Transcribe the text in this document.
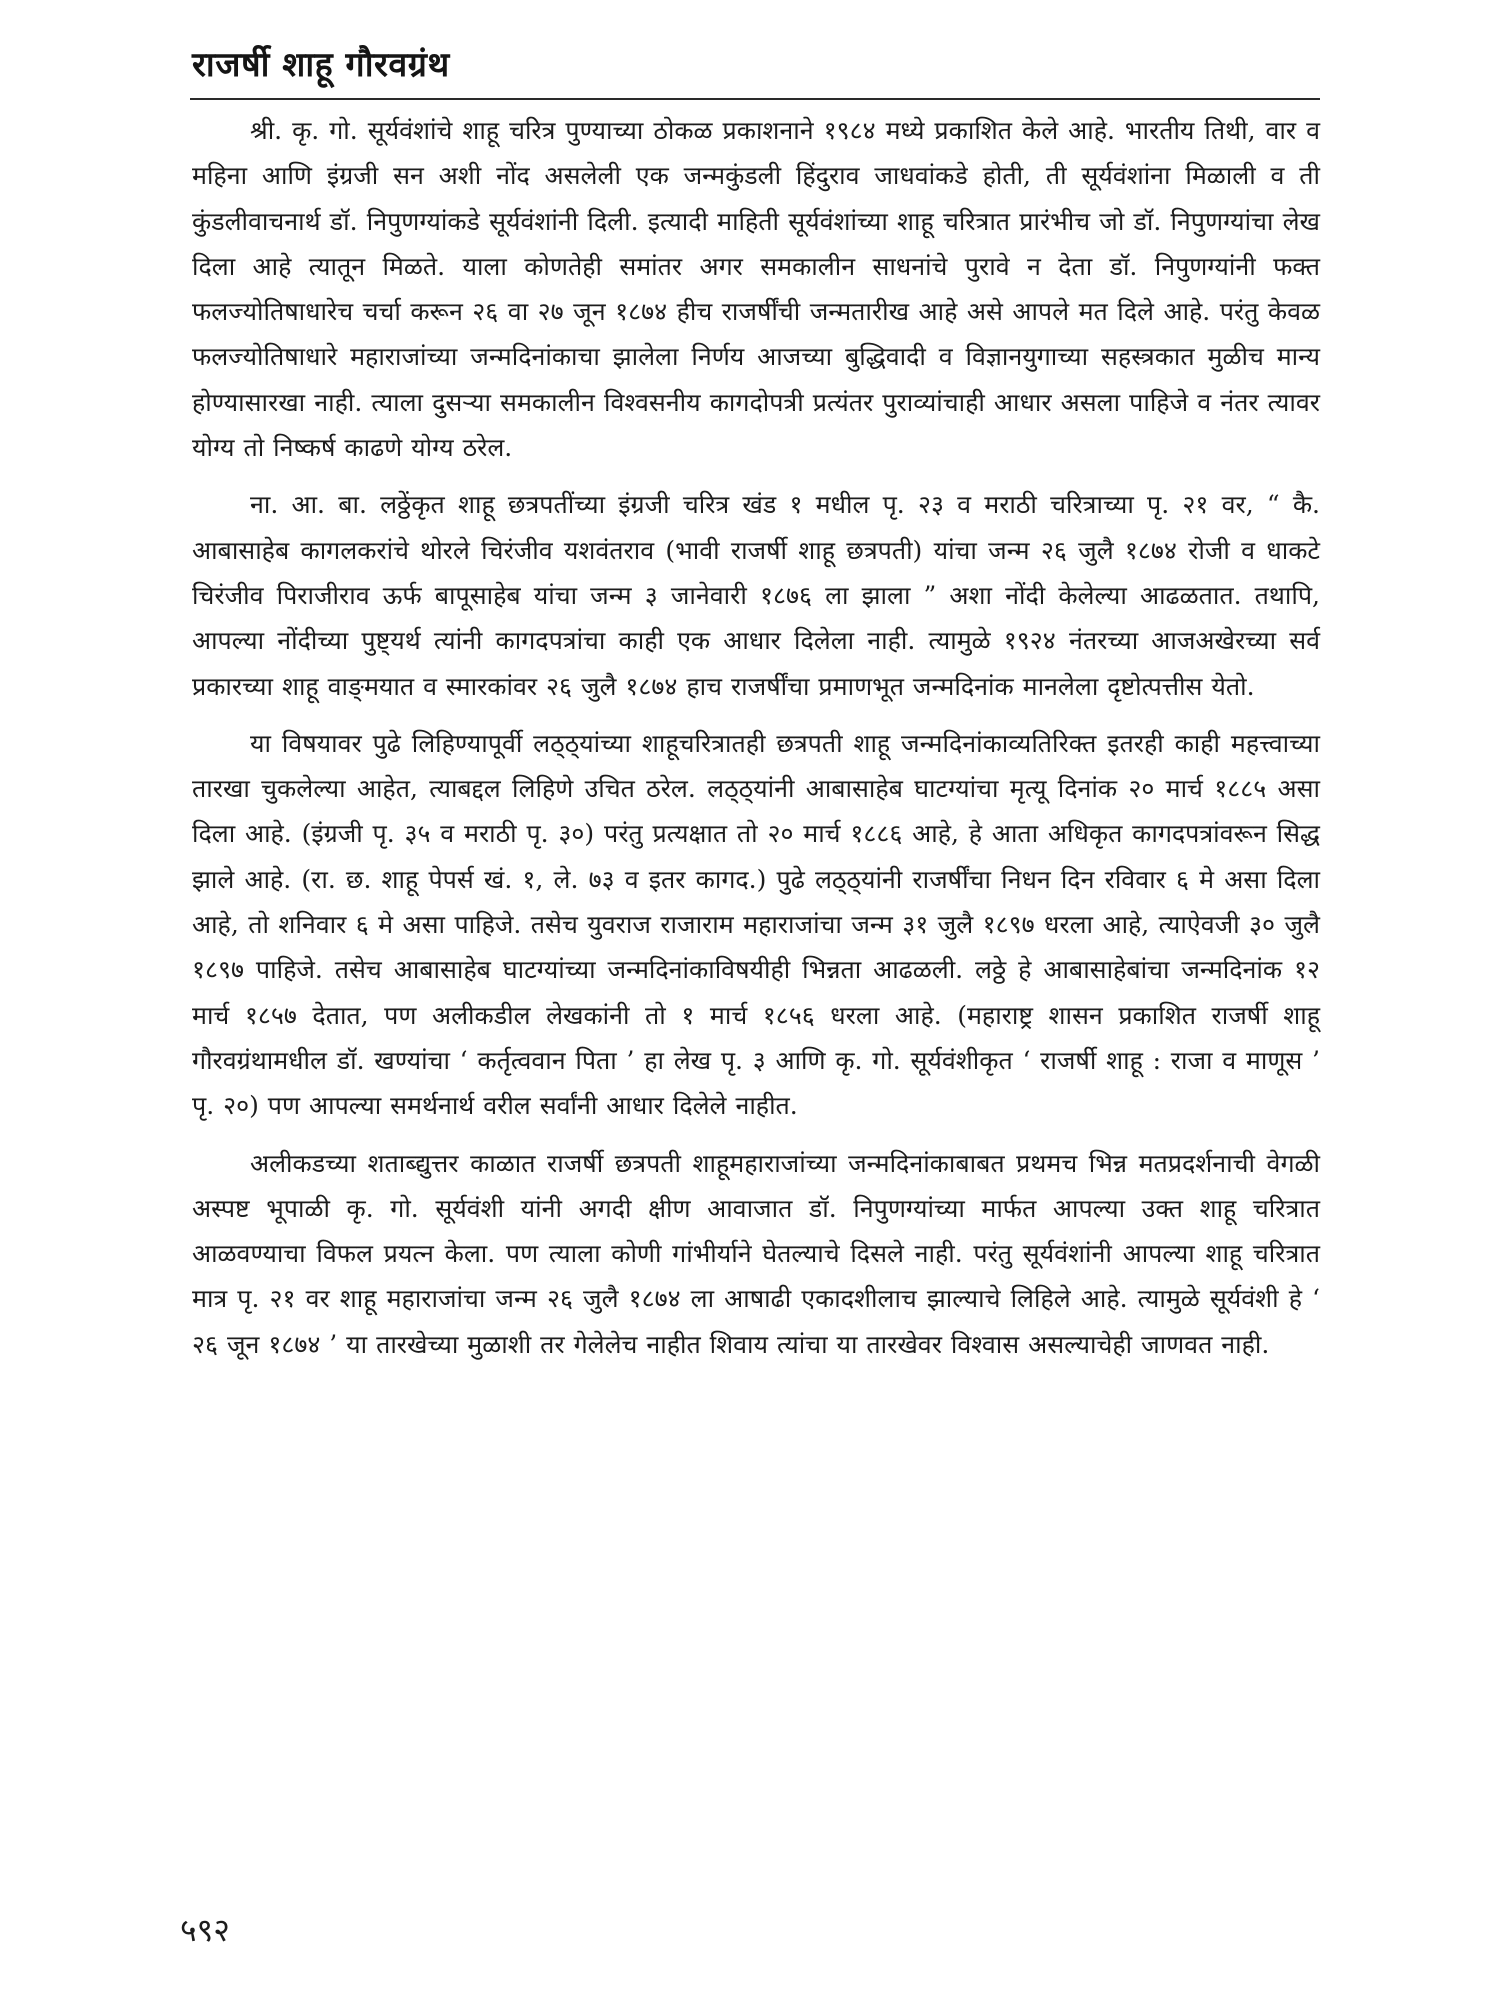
राजर्षी शाहू गौरवग्रंथ

श्री. कृ. गो. सूर्यवंशांचे शाहू चरित्र पुण्याच्या ठोकळ प्रकाशनाने १९८४ मध्ये प्रकाशित केले आहे. भारतीय तिथी, वार व महिना आणि इंग्रजी सन अशी नोंद असलेली एक जन्मकुंडली हिंदुराव जाधवांकडे होती, ती सूर्यवंशांना मिळाली व ती कुंडलीवाचनार्थ डॉ. निपुणग्यांकडे सूर्यवंशांनी दिली. इत्यादी माहिती सूर्यवंशांच्या शाहू चरित्रात प्रारंभीच जो डॉ. निपुणग्यांचा लेख दिला आहे त्यातून मिळते. याला कोणतेही समांतर अगर समकालीन साधनांचे पुरावे न देता डॉ. निपुणग्यांनी फक्त फलज्योतिषाधारेच चर्चा करून २६ वा २७ जून १८७४ हीच राजर्षींची जन्मतारीख आहे असे आपले मत दिले आहे. परंतु केवळ फलज्योतिषाधारे महाराजांच्या जन्मदिनांकाचा झालेला निर्णय आजच्या बुद्धिवादी व विज्ञानयुगाच्या सहस्त्रकात मुळीच मान्य होण्यासारखा नाही. त्याला दुसऱ्या समकालीन विश्वसनीय कागदोपत्री प्रत्यंतर पुराव्यांचाही आधार असला पाहिजे व नंतर त्यावर योग्य तो निष्कर्ष काढणे योग्य ठरेल.

ना. आ. बा. लठ्ठेंकृत शाहू छत्रपतींच्या इंग्रजी चरित्र खंड १ मधील पृ. २३ व मराठी चरित्राच्या पृ. २१ वर, “ कै. आबासाहेब कागलकरांचे थोरले चिरंजीव यशवंतराव (भावी राजर्षी शाहू छत्रपती) यांचा जन्म २६ जुलै १८७४ रोजी व धाकटे चिरंजीव पिराजीराव ऊर्फ बापूसाहेब यांचा जन्म ३ जानेवारी १८७६ ला झाला ” अशा नोंदी केलेल्या आढळतात. तथापि, आपल्या नोंदीच्या पुष्ट्यर्थ त्यांनी कागदपत्रांचा काही एक आधार दिलेला नाही. त्यामुळे १९२४ नंतरच्या आजअखेरच्या सर्व प्रकारच्या शाहू वाङ्‍मयात व स्मारकांवर २६ जुलै १८७४ हाच राजर्षींचा प्रमाणभूत जन्मदिनांक मानलेला दृष्टोत्पत्तीस येतो.

या विषयावर पुढे लिहिण्यापूर्वी लठ्ठ्यांच्या शाहूचरित्रातही छत्रपती शाहू जन्मदिनांकाव्यतिरिक्त इतरही काही महत्त्वाच्या तारखा चुकलेल्या आहेत, त्याबद्दल लिहिणे उचित ठरेल. लठ्ठ्यांनी आबासाहेब घाटग्यांचा मृत्यू दिनांक २० मार्च १८८५ असा दिला आहे. (इंग्रजी पृ. ३५ व मराठी पृ. ३०) परंतु प्रत्यक्षात तो २० मार्च १८८६ आहे, हे आता अधिकृत कागदपत्रांवरून सिद्ध झाले आहे. (रा. छ. शाहू पेपर्स खं. १, ले. ७३ व इतर कागद.) पुढे लठ्ठ्यांनी राजर्षींचा निधन दिन रविवार ६ मे असा दिला आहे, तो शनिवार ६ मे असा पाहिजे. तसेच युवराज राजाराम महाराजांचा जन्म ३१ जुलै १८९७ धरला आहे, त्याऐवजी ३० जुलै १८९७ पाहिजे. तसेच आबासाहेब घाटग्यांच्या जन्मदिनांकाविषयीही भिन्नता आढळली. लठ्ठे हे आबासाहेबांचा जन्मदिनांक १२ मार्च १८५७ देतात, पण अलीकडील लेखकांनी तो १ मार्च १८५६ धरला आहे. (महाराष्ट्र शासन प्रकाशित राजर्षी शाहू गौरवग्रंथामधील डॉ. खण्यांचा ‘ कर्तृत्ववान पिता ’ हा लेख पृ. ३ आणि कृ. गो. सूर्यवंशीकृत ‘ राजर्षी शाहू : राजा व माणूस ’ पृ. २०) पण आपल्या समर्थनार्थ वरील सर्वांनी आधार दिलेले नाहीत.

अलीकडच्या शताब्द्युत्तर काळात राजर्षी छत्रपती शाहूमहाराजांच्या जन्मदिनांकाबाबत प्रथमच भिन्न मतप्रदर्शनाची वेगळी अस्पष्ट भूपाळी कृ. गो. सूर्यवंशी यांनी अगदी क्षीण आवाजात डॉ. निपुणग्यांच्या मार्फत आपल्या उक्त शाहू चरित्रात आळवण्याचा विफल प्रयत्न केला. पण त्याला कोणी गांभीर्याने घेतल्याचे दिसले नाही. परंतु सूर्यवंशांनी आपल्या शाहू चरित्रात मात्र पृ. २१ वर शाहू महाराजांचा जन्म २६ जुलै १८७४ ला आषाढी एकादशीलाच झाल्याचे लिहिले आहे. त्यामुळे सूर्यवंशी हे ‘ २६ जून १८७४ ’ या तारखेच्या मुळाशी तर गेलेलेच नाहीत शिवाय त्यांचा या तारखेवर विश्वास असल्याचेही जाणवत नाही.

५९२
